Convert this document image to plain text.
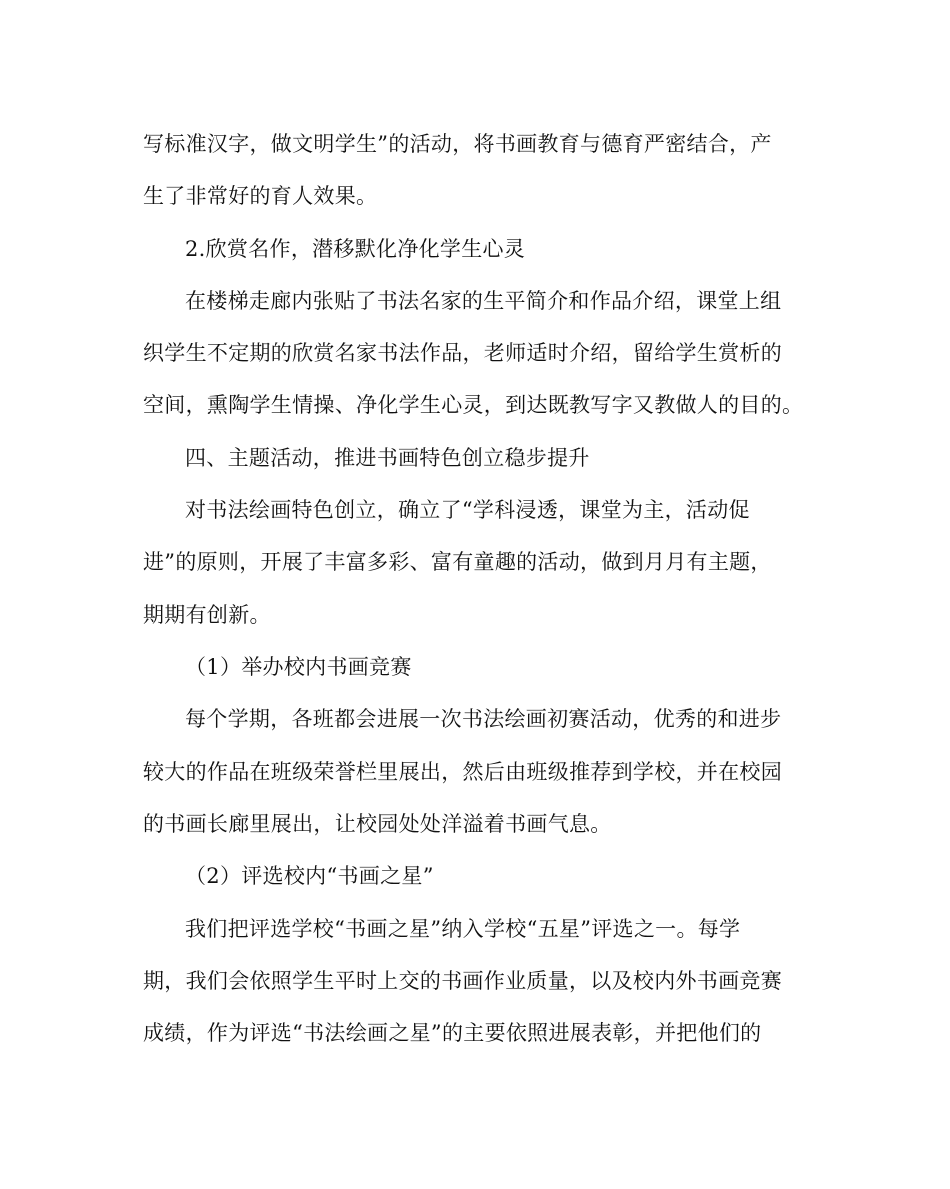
写标准汉字，做文明学生”的活动，将书画教育与德育严密结合，产
生了非常好的育人效果。
2.欣赏名作，潜移默化净化学生心灵
在楼梯走廊内张贴了书法名家的生平简介和作品介绍，课堂上组
织学生不定期的欣赏名家书法作品，老师适时介绍，留给学生赏析的
空间，熏陶学生情操、净化学生心灵，到达既教写字又教做人的目的。
四、主题活动，推进书画特色创立稳步提升
对书法绘画特色创立，确立了“学科浸透，课堂为主，活动促
进”的原则，开展了丰富多彩、富有童趣的活动，做到月月有主题，
期期有创新。
（1）举办校内书画竞赛
每个学期，各班都会进展一次书法绘画初赛活动，优秀的和进步
较大的作品在班级荣誉栏里展出，然后由班级推荐到学校，并在校园
的书画长廊里展出，让校园处处洋溢着书画气息。
（2）评选校内“书画之星”
我们把评选学校“书画之星”纳入学校“五星”评选之一。每学
期，我们会依照学生平时上交的书画作业质量，以及校内外书画竞赛
成绩，作为评选“书法绘画之星”的主要依照进展表彰，并把他们的
